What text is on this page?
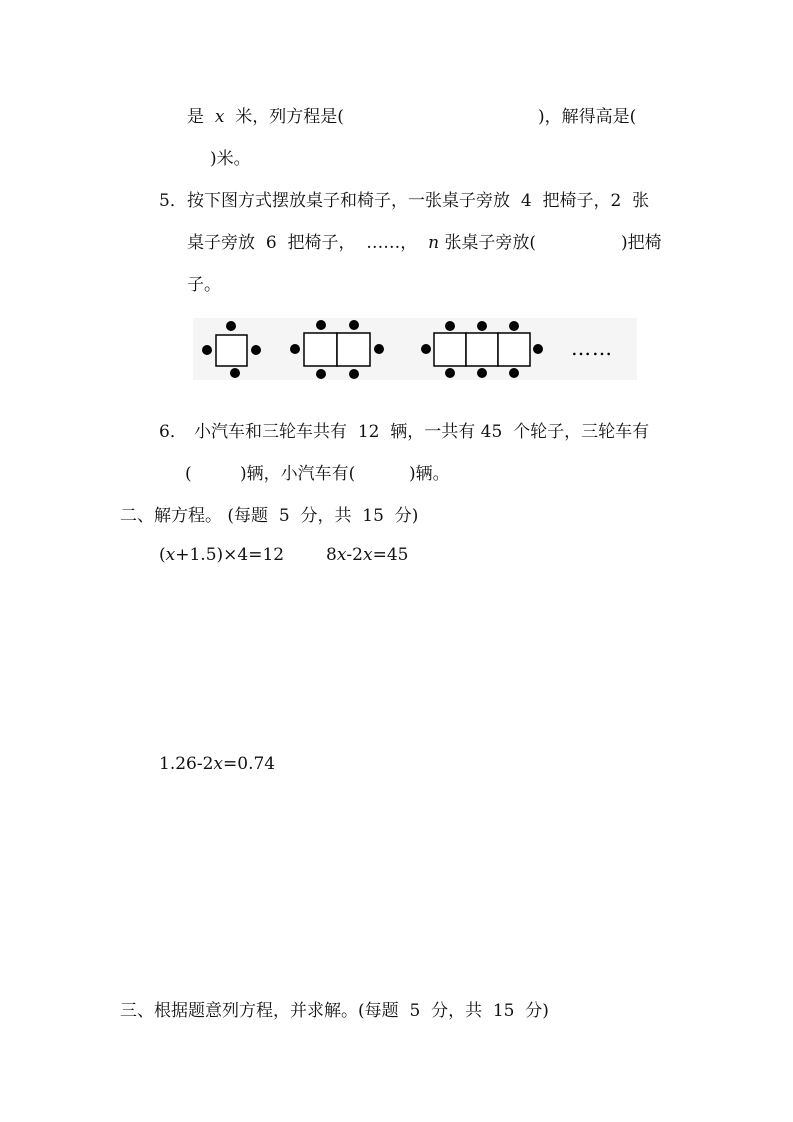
是 x 米，列方程是(	)，解得高是(
)米。
5． 按下图方式摆放桌子和椅子，一张桌子旁放 4 把椅子，2 张
桌子旁放 6 把椅子， ……， n 张桌子旁放(	)把椅
子。
……
6． 小汽车和三轮车共有 12 辆，一共有 45 个轮子，三轮车有
(	)辆，小汽车有(	)辆。
二、解方程。 (每题  5  分，共  15  分)
(x+1.5)×4=12 8x-2x=45
1.26-2x=0.74
三、根据题意列方程，并求解。(每题  5  分，共  15  分)
